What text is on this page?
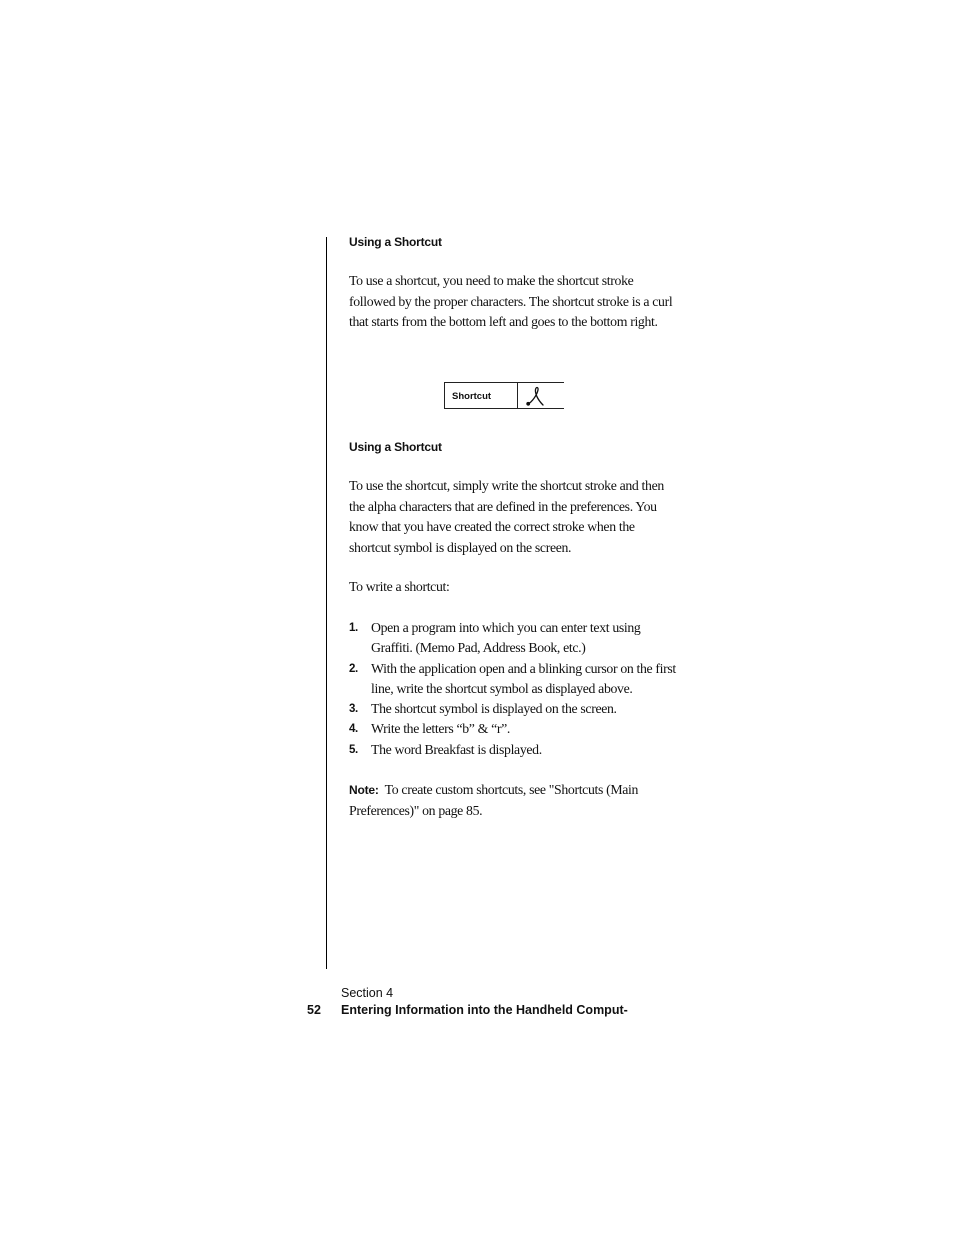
Using a Shortcut

To use a shortcut, you need to make the shortcut stroke followed by the proper characters. The shortcut stroke is a curl that starts from the bottom left and goes to the bottom right.

Using a Shortcut

To use the shortcut, simply write the shortcut stroke and then the alpha characters that are defined in the preferences. You know that you have created the correct stroke when the shortcut symbol is displayed on the screen.

To write a shortcut:

1. Open a program into which you can enter text using Graffiti. (Memo Pad, Address Book, etc.)
2. With the application open and a blinking cursor on the first line, write the shortcut symbol as displayed above.
3. The shortcut symbol is displayed on the screen.
4. Write the letters “b” & “r”.
5. The word Breakfast is displayed.

Note: To create custom shortcuts, see "Shortcuts (Main Preferences)" on page 85.

Shortcut
Section 4
52 Entering Information into the Handheld Comput-
